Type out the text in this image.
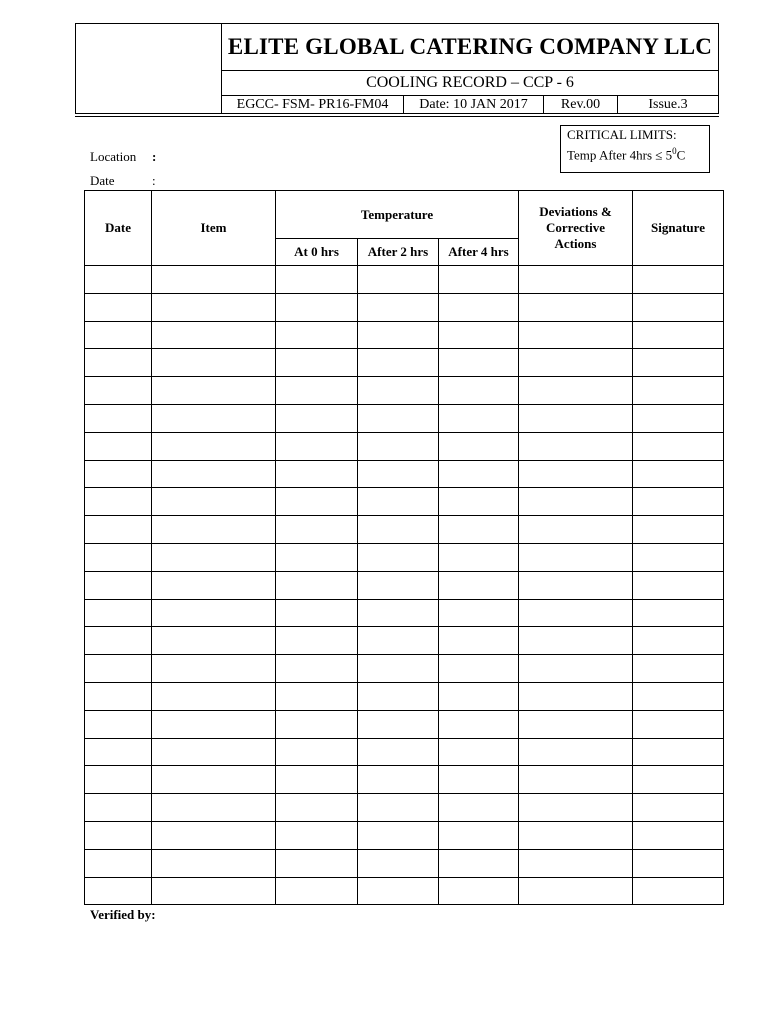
ELITE GLOBAL CATERING COMPANY LLC
COOLING RECORD – CCP - 6
EGCC- FSM- PR16-FM04	Date: 10 JAN 2017	Rev.00	Issue.3
CRITICAL LIMITS:
Temp After $4hrs \le 5^0C$
Location :
Date	:
Date	Item	Temperature			Deviations & Corrective Actions	Signature
		At 0 hrs	After 2 hrs	After 4 hrs		

Verified by:
